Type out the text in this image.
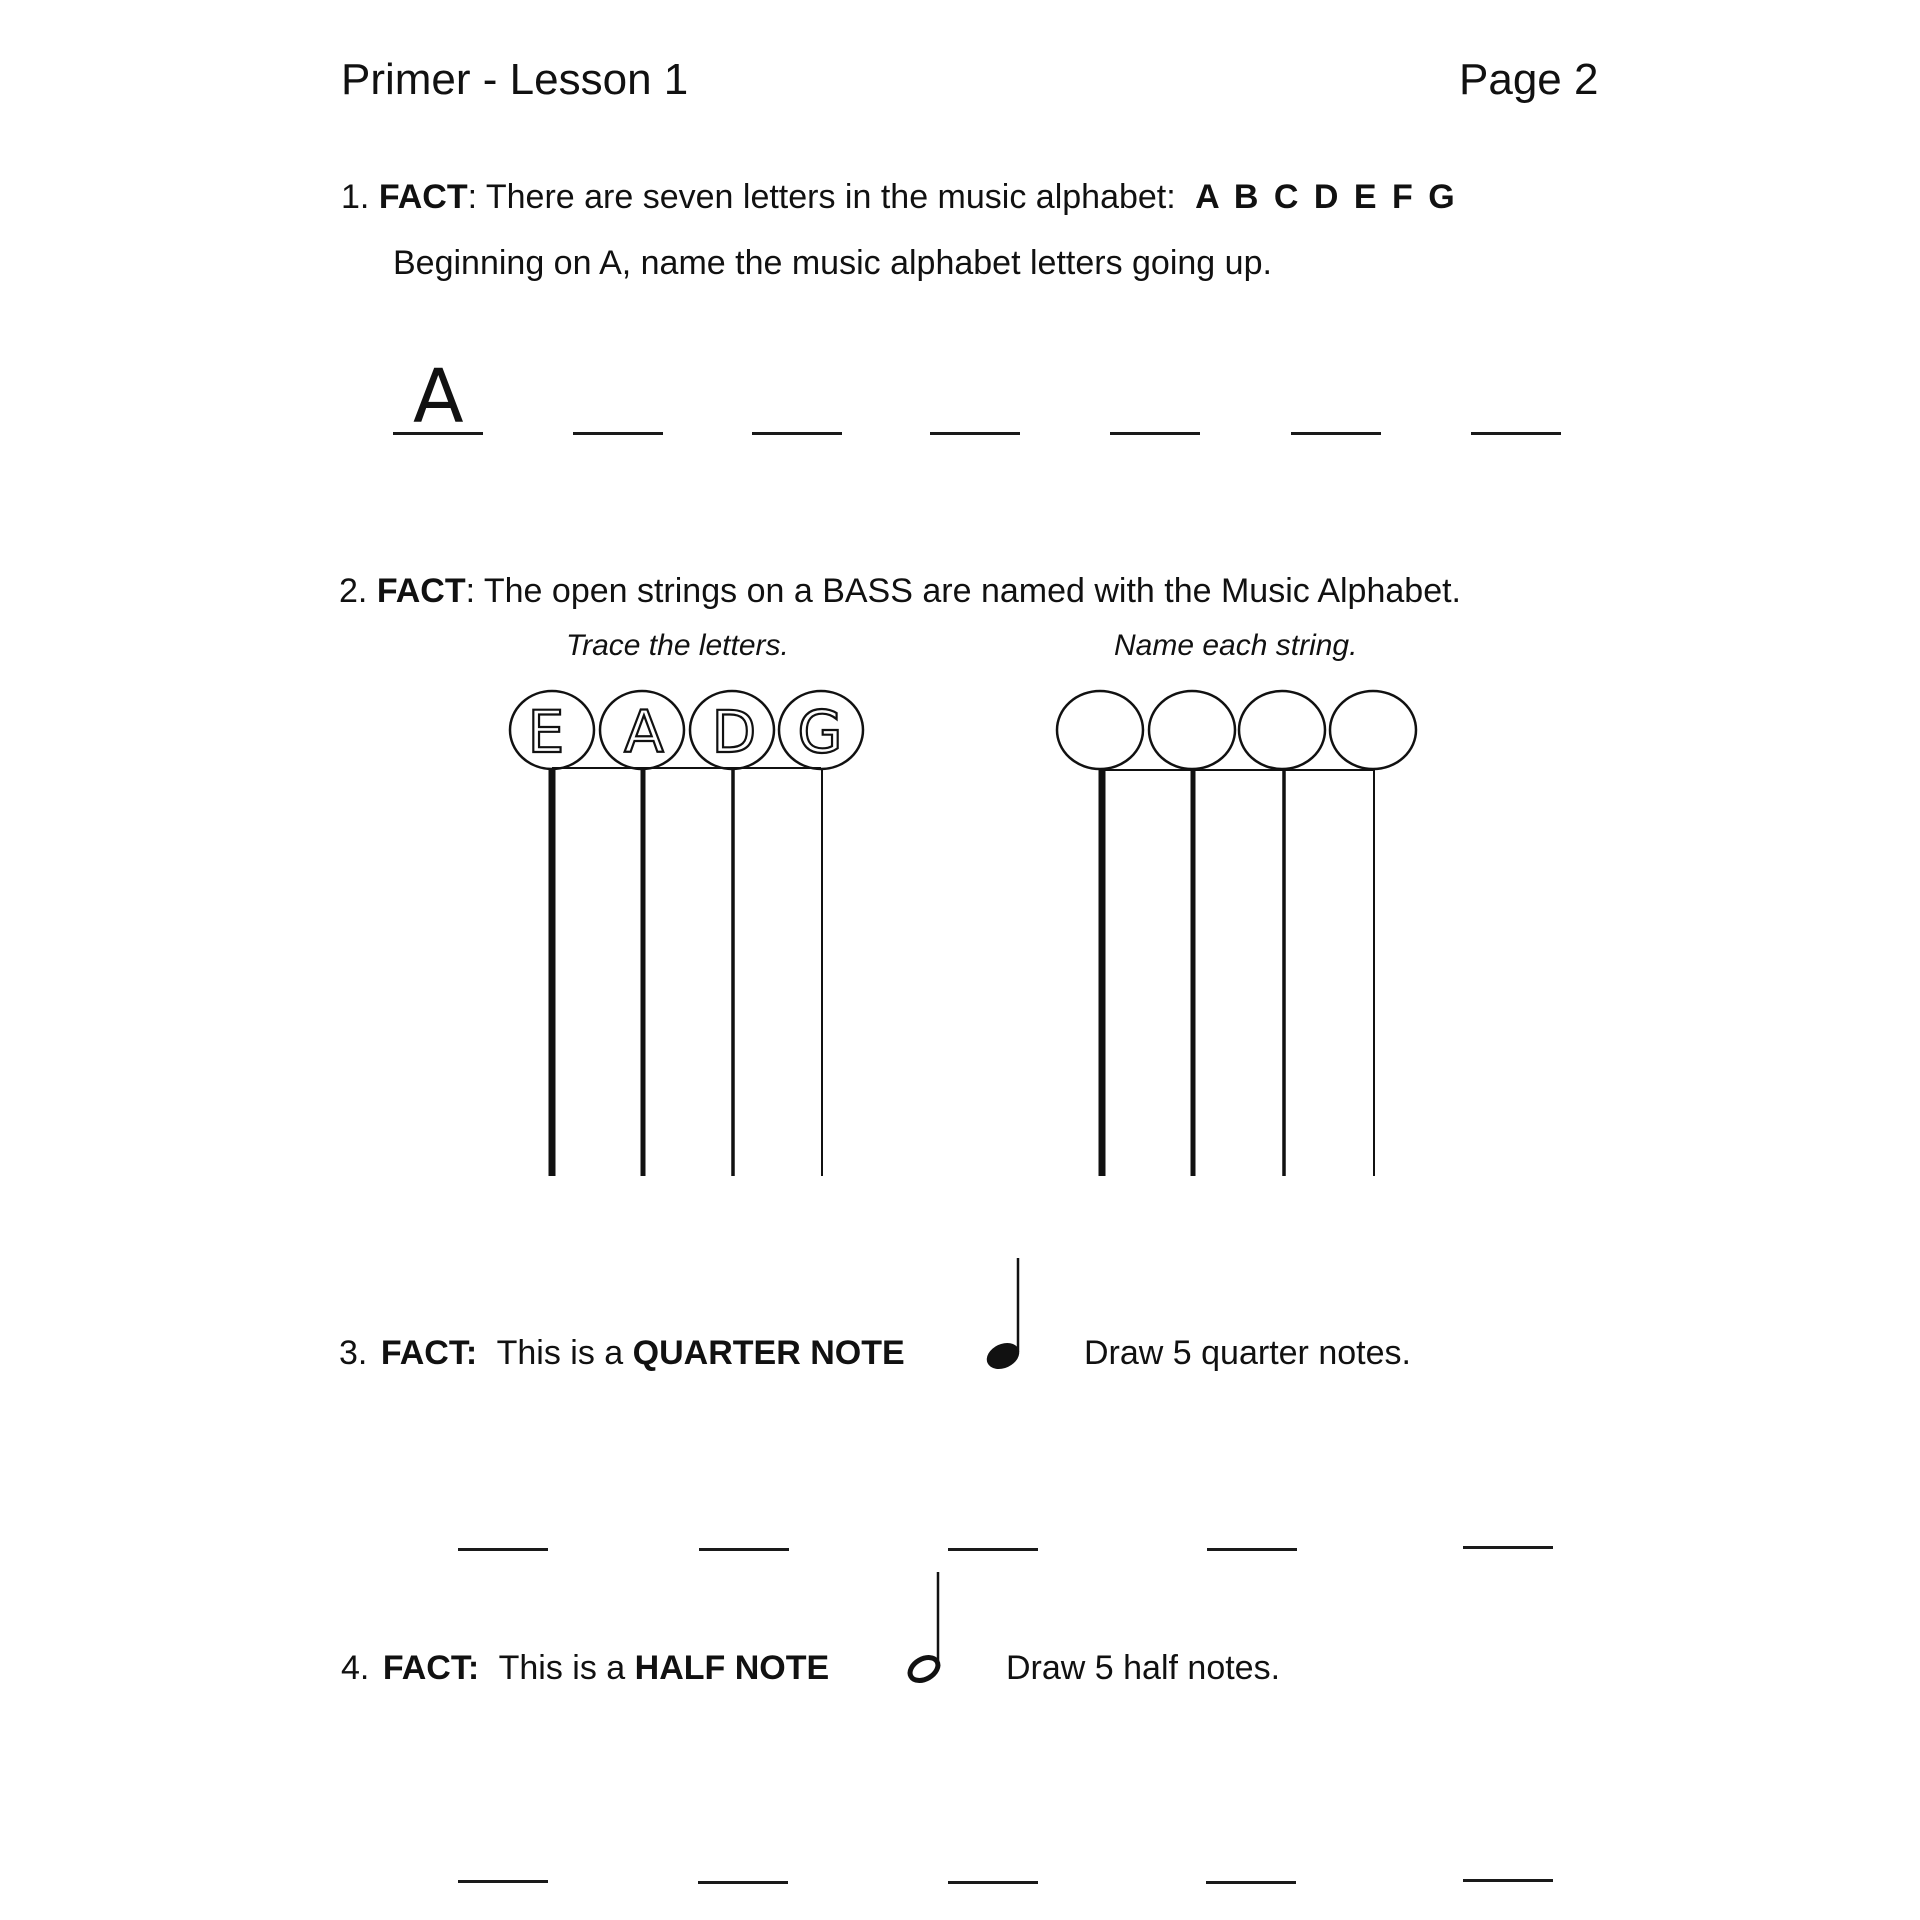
Primer - Lesson 1	Page 2
1. FACT: There are seven letters in the music alphabet: A B C D E F G
Beginning on A, name the music alphabet letters going up.
A
2. FACT: The open strings on a BASS are named with the Music Alphabet.
Trace the letters.	Name each string.
E A D G
3. FACT: This is a QUARTER NOTE	Draw 5 quarter notes.
4. FACT: This is a HALF NOTE	Draw 5 half notes.
